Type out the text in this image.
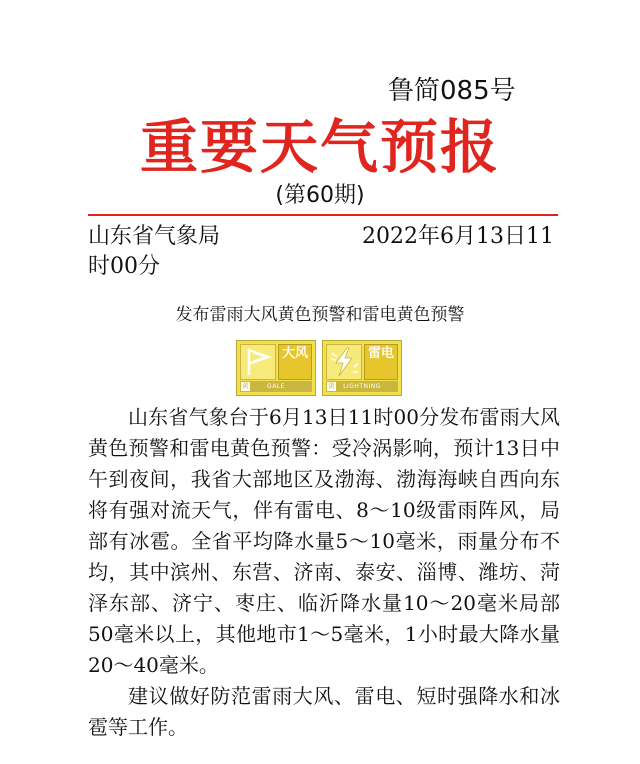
鲁简085号
重要天气预报
(第60期)
山东省气象局	2022年6月13日11
时00分
发布雷雨大风黄色预警和雷电黄色预警
大风
黄	GALE
雷电
黄 LIGHTNING

山东省气象台于6月13日11时00分发布雷雨大风黄色预警和雷电黄色预警：受冷涡影响，预计13日中午到夜间，我省大部地区及渤海、渤海海峡自西向东将有强对流天气，伴有雷电、8～10级雷雨阵风，局部有冰雹。全省平均降水量5～10毫米，雨量分布不均，其中滨州、东营、济南、泰安、淄博、潍坊、菏泽东部、济宁、枣庄、临沂降水量10～20毫米局部50毫米以上，其他地市1～5毫米，1小时最大降水量20～40毫米。

建议做好防范雷雨大风、雷电、短时强降水和冰雹等工作。
